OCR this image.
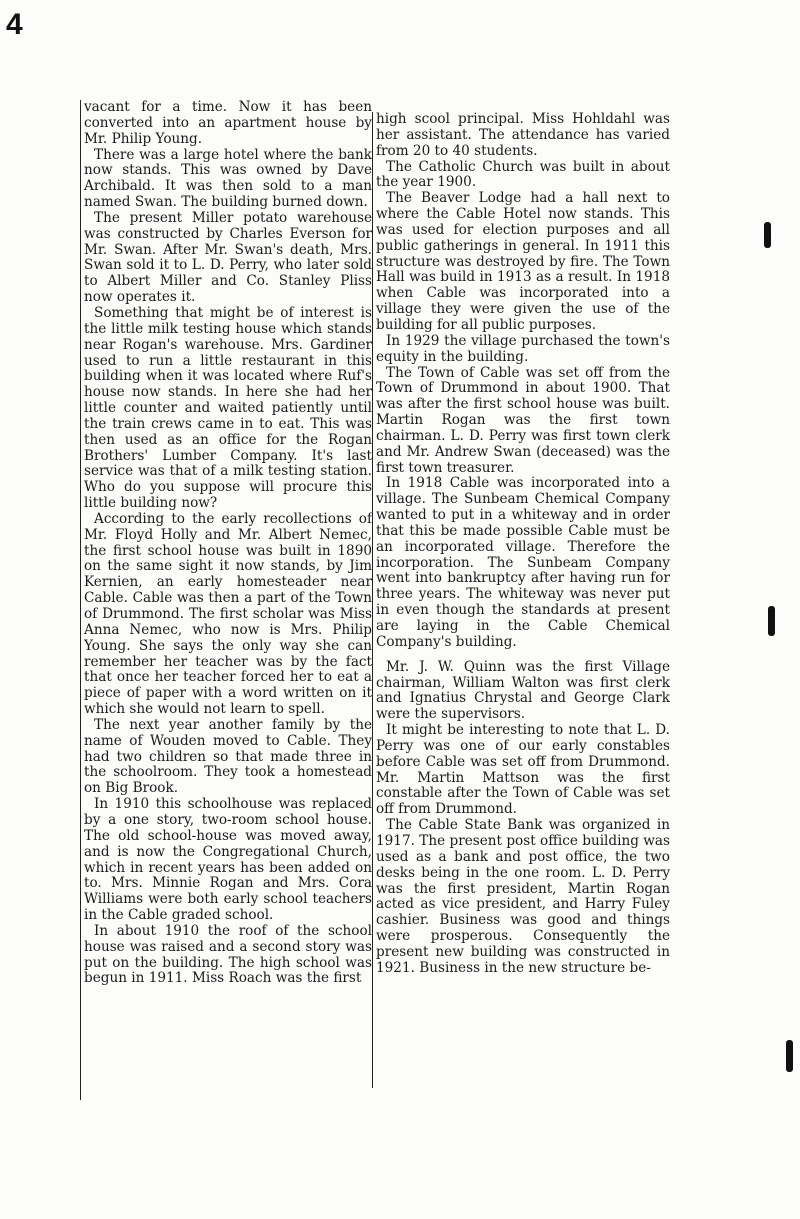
4

vacant for a time. Now it has been converted into an apartment house by Mr. Philip Young.

There was a large hotel where the bank now stands. This was owned by Dave Archibald. It was then sold to a man named Swan. The building burned down.

The present Miller potato warehouse was constructed by Charles Everson for Mr. Swan. After Mr. Swan's death, Mrs. Swan sold it to L. D. Perry, who later sold to Albert Miller and Co. Stanley Pliss now operates it.

Something that might be of interest is the little milk testing house which stands near Rogan's warehouse. Mrs. Gardiner used to run a little restaurant in this building when it was located where Ruf's house now stands. In here she had her little counter and waited patiently until the train crews came in to eat. This was then used as an office for the Rogan Brothers' Lumber Company. It's last service was that of a milk testing station. Who do you suppose will procure this little building now?

According to the early recollections of Mr. Floyd Holly and Mr. Albert Nemec, the first school house was built in 1890 on the same sight it now stands, by Jim Kernien, an early homesteader near Cable. Cable was then a part of the Town of Drummond. The first scholar was Miss Anna Nemec, who now is Mrs. Philip Young. She says the only way she can remember her teacher was by the fact that once her teacher forced her to eat a piece of paper with a word written on it which she would not learn to spell.

The next year another family by the name of Wouden moved to Cable. They had two children so that made three in the schoolroom. They took a homestead on Big Brook.

In 1910 this schoolhouse was replaced by a one story, two-room school house. The old school-house was moved away, and is now the Congregational Church, which in recent years has been added on to. Mrs. Minnie Rogan and Mrs. Cora Williams were both early school teachers in the Cable graded school.

In about 1910 the roof of the school house was raised and a second story was put on the building. The high school was begun in 1911. Miss Roach was the first

high scool principal. Miss Hohldahl was her assistant. The attendance has varied from 20 to 40 students.

The Catholic Church was built in about the year 1900.

The Beaver Lodge had a hall next to where the Cable Hotel now stands. This was used for election purposes and all public gatherings in general. In 1911 this structure was destroyed by fire. The Town Hall was build in 1913 as a result. In 1918 when Cable was incorporated into a village they were given the use of the building for all public purposes.

In 1929 the village purchased the town's equity in the building.

The Town of Cable was set off from the Town of Drummond in about 1900. That was after the first school house was built. Martin Rogan was the first town chairman. L. D. Perry was first town clerk and Mr. Andrew Swan (deceased) was the first town treasurer.

In 1918 Cable was incorporated into a village. The Sunbeam Chemical Company wanted to put in a whiteway and in order that this be made possible Cable must be an incorporated village. Therefore the incorporation. The Sunbeam Company went into bankruptcy after having run for three years. The whiteway was never put in even though the standards at present are laying in the Cable Chemical Company's building.

Mr. J. W. Quinn was the first Village chairman, William Walton was first clerk and Ignatius Chrystal and George Clark were the supervisors.

It might be interesting to note that L. D. Perry was one of our early constables before Cable was set off from Drummond. Mr. Martin Mattson was the first constable after the Town of Cable was set off from Drummond.

The Cable State Bank was organized in 1917. The present post office building was used as a bank and post office, the two desks being in the one room. L. D. Perry was the first president, Martin Rogan acted as vice president, and Harry Fuley cashier. Business was good and things were prosperous. Consequently the present new building was constructed in 1921. Business in the new structure be-
